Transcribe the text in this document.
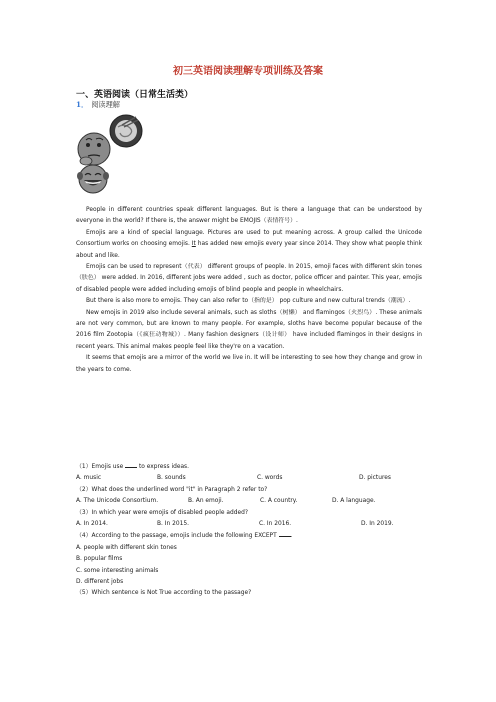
初三英语阅读理解专项训练及答案
一、英语阅读（日常生活类）
1． 阅读理解

People in different countries speak different languages. But is there a language that can be understood by everyone in the world? If there is, the answer might be EMOJIS（表情符号）.

Emojis are a kind of special language. Pictures are used to put meaning across. A group called the Unicode Consortium works on choosing emojis. It has added new emojis every year since 2014. They show what people think about and like.

Emojis can be used to represent（代表） different groups of people. In 2015, emoji faces with different skin tones（肤色） were added. In 2016, different jobs were added , such as doctor, police officer and painter. This year, emojis of disabled people were added including emojis of blind people and people in wheelchairs.

But there is also more to emojis. They can also refer to（指的是） pop culture and new cultural trends（潮流）.

New emojis in 2019 also include several animals, such as sloths（树懒） and flamingos（火烈鸟）. These animals are not very common, but are known to many people. For example, sloths have become popular because of the 2016 film Zootopia（《疯狂动物城》）. Many fashion designers（设计师） have included flamingos in their designs in recent years. This animal makes people feel like they're on a vacation.

It seems that emojis are a mirror of the world we live in. It will be interesting to see how they change and grow in the years to come.

（1）Emojis use  to express ideas.
A. music	B. sounds	C. words	D. pictures
（2）What does the underlined word "it" in Paragraph 2 refer to?
A. The Unicode Consortium.	B. An emoji.	C. A country.	D. A language.
（3）In which year were emojis of disabled people added?
A. In 2014.	B. In 2015.	C. In 2016.	D. In 2019.
（4）According to the passage, emojis include the following EXCEPT .
A. people with different skin tones
B. popular films
C. some interesting animals
D. different jobs
（5）Which sentence is Not True according to the passage?
